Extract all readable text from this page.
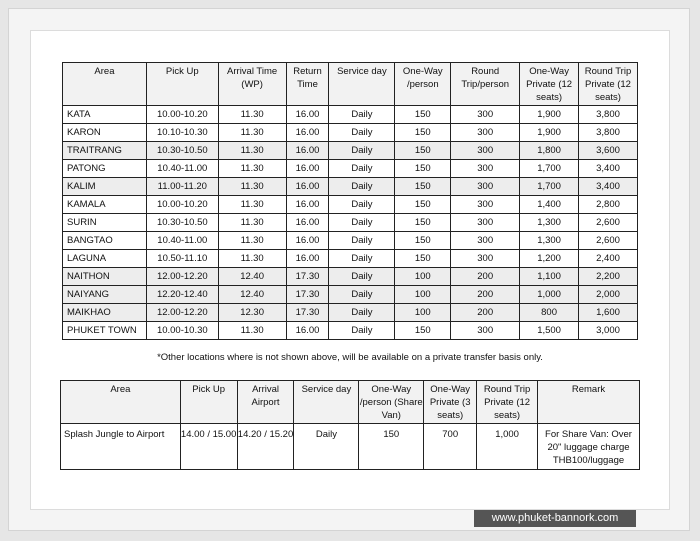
Area	Pick Up	Arrival Time (WP)	Return Time	Service day	One-Way /person	Round Trip/person	One-Way Private (12 seats)	Round Trip Private (12 seats)
KATA	10.00-10.20	11.30	16.00	Daily	150	300	1,900	3,800
KARON	10.10-10.30	11.30	16.00	Daily	150	300	1,900	3,800
TRAITRANG	10.30-10.50	11.30	16.00	Daily	150	300	1,800	3,600
PATONG	10.40-11.00	11.30	16.00	Daily	150	300	1,700	3,400
KALIM	11.00-11.20	11.30	16.00	Daily	150	300	1,700	3,400
KAMALA	10.00-10.20	11.30	16.00	Daily	150	300	1,400	2,800
SURIN	10.30-10.50	11.30	16.00	Daily	150	300	1,300	2,600
BANGTAO	10.40-11.00	11.30	16.00	Daily	150	300	1,300	2,600
LAGUNA	10.50-11.10	11.30	16.00	Daily	150	300	1,200	2,400
NAITHON	12.00-12.20	12.40	17.30	Daily	100	200	1,100	2,200
NAIYANG	12.20-12.40	12.40	17.30	Daily	100	200	1,000	2,000
MAIKHAO	12.00-12.20	12.30	17.30	Daily	100	200	800	1,600
PHUKET TOWN	10.00-10.30	11.30	16.00	Daily	150	300	1,500	3,000
*Other locations where is not shown above, will be available on a private transfer basis only.
Area	Pick Up	Arrival Airport	Service day	One-Way /person (Share Van)	One-Way Private (3 seats)	Round Trip Private (12 seats)	Remark
Splash Jungle to Airport	14.00 / 15.00	14.20 / 15.20	Daily	150	700	1,000	For Share Van: Over 20" luggage charge THB100/luggage
www.phuket-bannork.com
